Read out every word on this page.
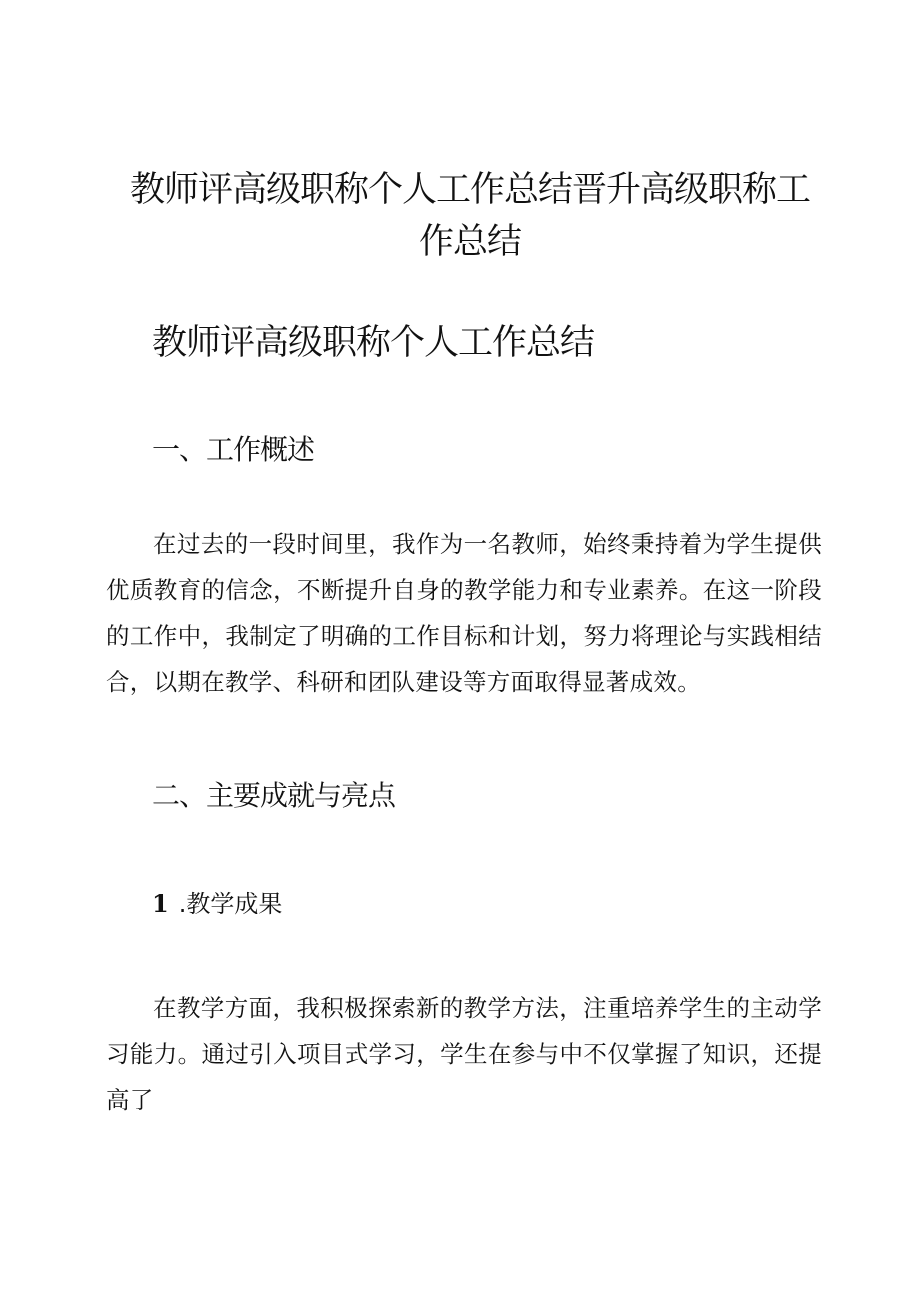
教师评高级职称个人工作总结晋升高级职称工作总结
教师评高级职称个人工作总结
一、工作概述

在过去的一段时间里，我作为一名教师，始终秉持着为学生提供优质教育的信念，不断提升自身的教学能力和专业素养。在这一阶段的工作中，我制定了明确的工作目标和计划，努力将理论与实践相结合，以期在教学、科研和团队建设等方面取得显著成效。

二、主要成就与亮点
1 .教学成果

在教学方面，我积极探索新的教学方法，注重培养学生的主动学习能力。通过引入项目式学习，学生在参与中不仅掌握了知识，还提高了
